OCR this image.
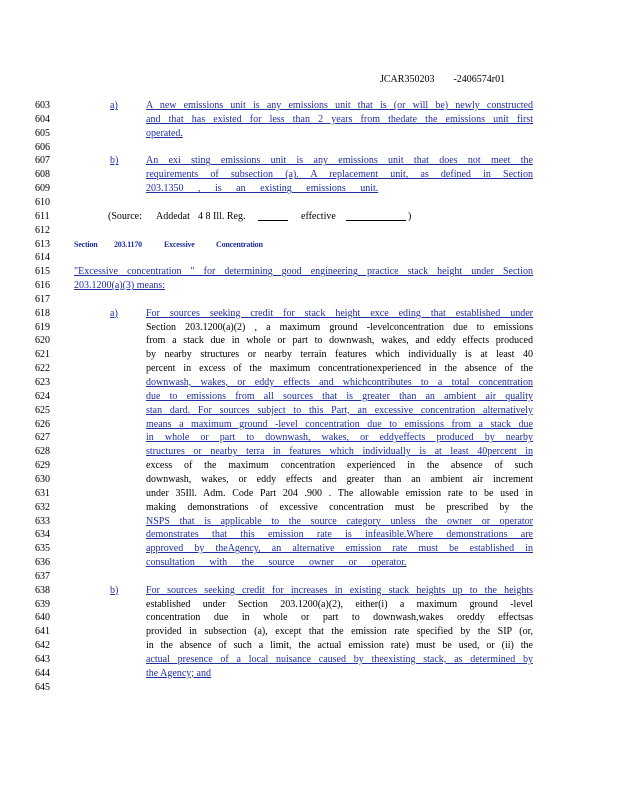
JCAR350203 -2406574r01
603	a)	A new emissions unit is any emissions unit that is (or will be) newly constructed
604	and that has existed for less than 2 years from thedate the emissions unit first
605	operated.
606
607	b)	An exi sting emissions unit is any emissions unit that does not meet the
608	requirements of subsection (a). A replacement unit, as defined in Section
609	203.1350 , is an existing emissions unit.
610
611	(Source: Addedat 4 8 Ill. Reg.	effective	)
612
613	Section 203.1170	Excessive	Concentration
614
615	"Excessive concentration " for determining good engineering practice stack height under Section
616	203.1200(a)(3) means:
617
618	a)	For sources seeking credit for stack height exce eding that established under
619	Section 203.1200(a)(2) , a maximum ground -levelconcentration due to emissions
620	from a stack due in whole or part to downwash, wakes, and eddy effects produced
621	by nearby structures or nearby terrain features which individually is at least 40
622	percent in excess of the maximum concentrationexperienced in the absence of the
623	downwash, wakes, or eddy effects and whichcontributes to a total concentration
624	due to emissions from all sources that is greater than an ambient air quality
625	stan dard. For sources subject to this Part, an excessive concentration alternatively
626	means a maximum ground -level concentration due to emissions from a stack due
627	in whole or part to downwash, wakes, or eddyeffects produced by nearby
628	structures or nearby terra in features which individually is at least 40percent in
629	excess of the maximum concentration experienced in the absence of such
630	downwash, wakes, or eddy effects and greater than an ambient air increment
631	under 35Ill. Adm. Code Part 204 .900 . The allowable emission rate to be used in
632	making demonstrations of excessive concentration must be prescribed by the
633	NSPS that is applicable to the source category unless the owner or operator
634	demonstrates that this emission rate is infeasible.Where demonstrations are
635	approved by theAgency, an alternative emission rate must be established in
636	consultation with the source owner or operator.
637
638	b)	For sources seeking credit for increases in existing stack heights up to the heights
639	established under Section 203.1200(a)(2), either(i) a maximum ground -level
640	concentration due in whole or part to downwash,wakes oreddy effectsas
641	provided in subsection (a), except that the emission rate specified by the SIP (or,
642	in the absence of such a limit, the actual emission rate) must be used, or (ii) the
643	actual presence of a local nuisance caused by theexisting stack, as determined by
644	the Agency; and
645
